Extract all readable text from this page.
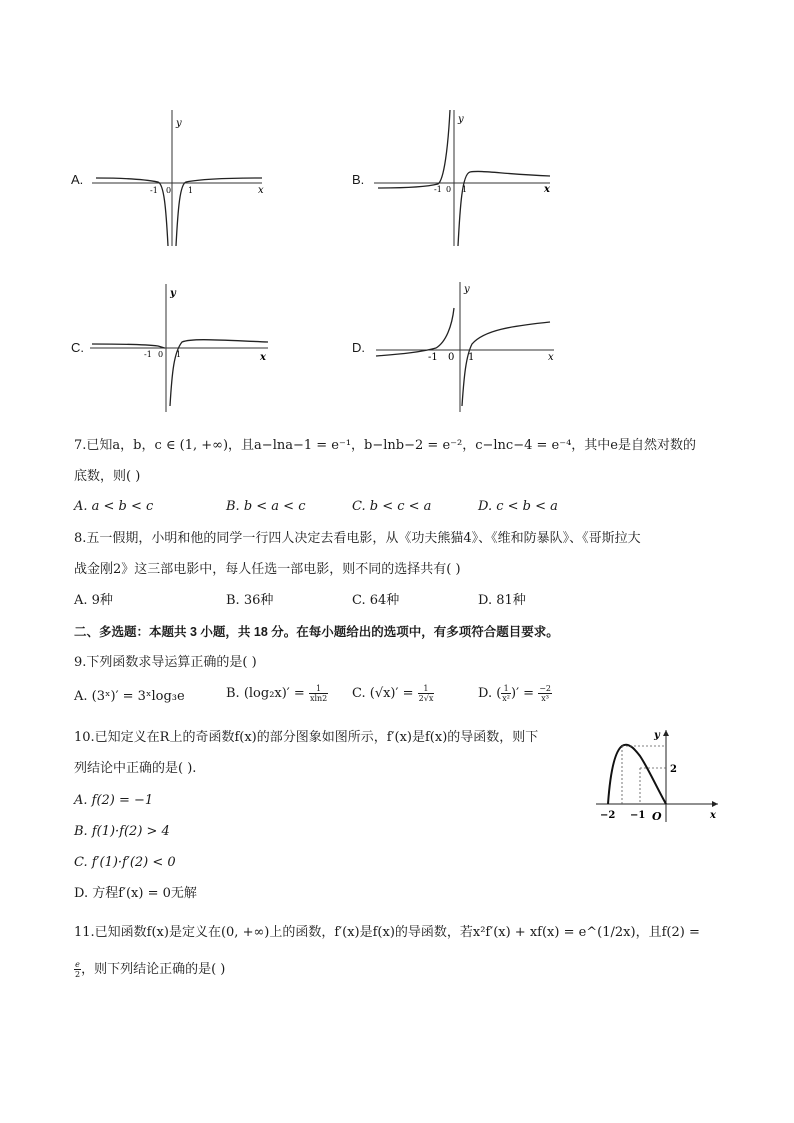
A.
y
x
-1 0 1
B.
y
x
-1 0 1
C.
y
x
-1 0 1	D.
y
x
-1 0 1
7.已知a，b，c ∈ (1, +∞)，且a−lna−1 = e⁻¹，b−lnb−2 = e⁻²，c−lnc−4 = e⁻⁴，其中e是自然对数的
底数，则( )
A. a < b < c	B. b < a < c	C. b < c < a	D. c < b < a
8.五一假期，小明和他的同学一行四人决定去看电影，从《功夫熊猫4》、《维和防暴队》、《哥斯拉大
战金刚2》这三部电影中，每人任选一部电影，则不同的选择共有( )
A. 9种	B. 36种	C. 64种	D. 81种
二、多选题：本题共 3 小题，共 18 分。在每小题给出的选项中，有多项符合题目要求。
9.下列函数求导运算正确的是( )
A. (3ˣ)′ = 3ˣlog₃e	B. $(\log_2x)' = \frac{1}{xln2} C$. $(√x)' = \frac{1}{2√x}$	D. ( $\frac{1}{\text{x²}}$ )′ = $\frac{-2}{\text{x³}}$
10.已知定义在R上的奇函数f(x)的部分图象如图所示，f′(x)是f(x)的导函数，则下
列结论中正确的是( ).
A. f(2) = −1
B. f(1)·f(2) > 4
C. f′(1)·f′(2) < 0
D. 方程f′(x) = 0无解
y
2
−2 −1 O	x
11.已知函数f(x)是定义在(0, +∞)上的函数，f′(x)是f(x)的导函数，若x²f′(x) + xf(x) = e^(1/2x)，且f(2) =
$\frac{e}{2}$ ，则下列结论正确的是( )
